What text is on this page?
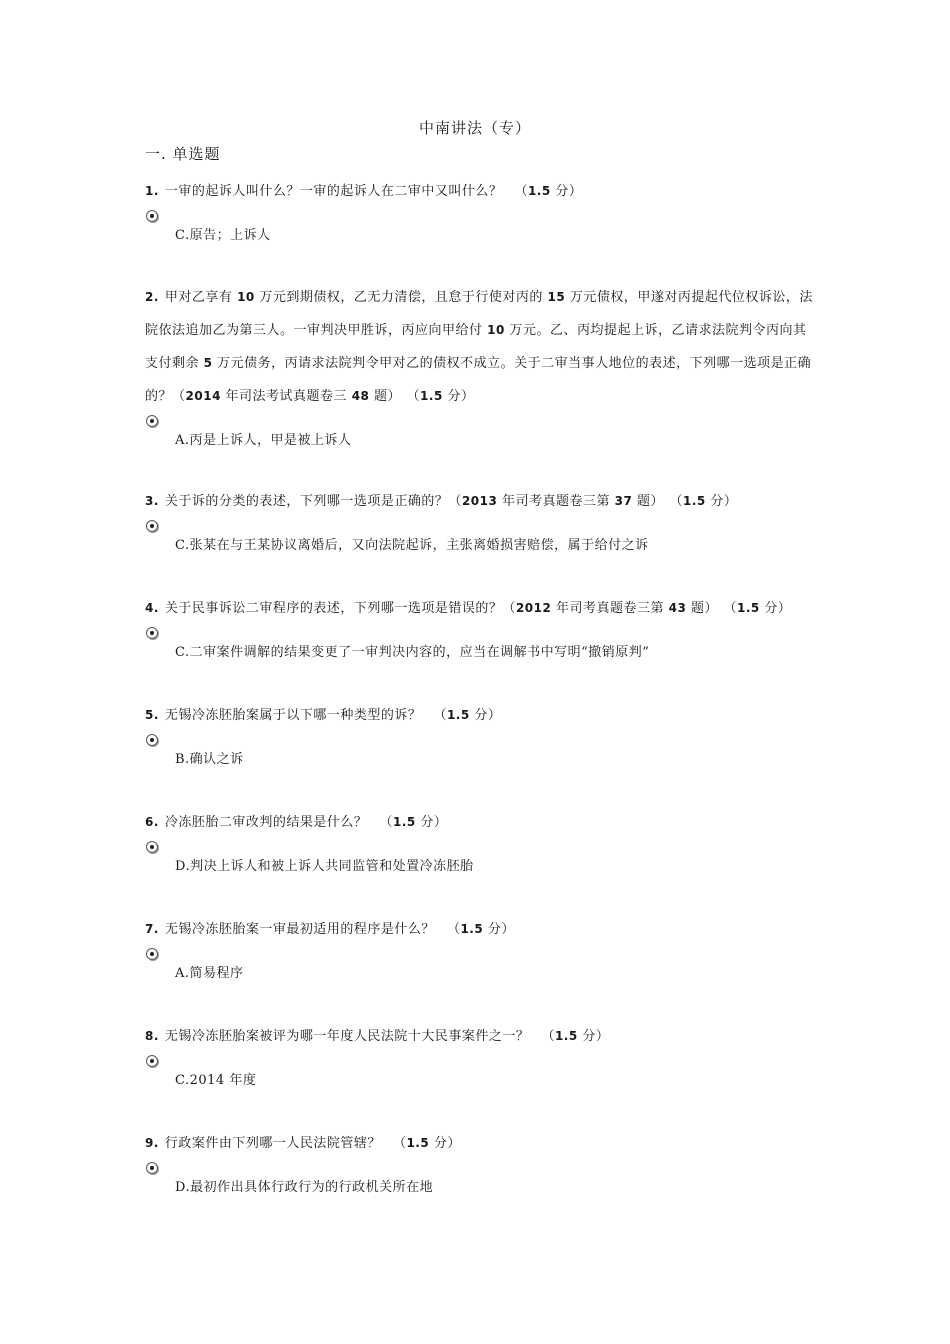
中南讲法（专）
一. 单选题
1. 一审的起诉人叫什么？一审的起诉人在二审中又叫什么？ （1.5 分）
C.原告；上诉人
2. 甲对乙享有 10 万元到期债权，乙无力清偿，且怠于行使对丙的 15 万元债权，甲遂对丙提起代位权诉讼，法院依法追加乙为第三人。一审判决甲胜诉，丙应向甲给付 10 万元。乙、丙均提起上诉，乙请求法院判令丙向其支付剩余 5 万元债务，丙请求法院判令甲对乙的债权不成立。关于二审当事人地位的表述，下列哪一选项是正确的？（2014 年司法考试真题卷三 48 题） （1.5 分）
A.丙是上诉人，甲是被上诉人
3. 关于诉的分类的表述，下列哪一选项是正确的？（2013 年司考真题卷三第 37 题） （1.5 分）
C.张某在与王某协议离婚后，又向法院起诉，主张离婚损害赔偿，属于给付之诉
4. 关于民事诉讼二审程序的表述，下列哪一选项是错误的？（2012 年司考真题卷三第 43 题） （1.5 分）
C.二审案件调解的结果变更了一审判决内容的，应当在调解书中写明“撤销原判”
5. 无锡冷冻胚胎案属于以下哪一种类型的诉？ （1.5 分）
B.确认之诉
6. 冷冻胚胎二审改判的结果是什么？ （1.5 分）
D.判决上诉人和被上诉人共同监管和处置冷冻胚胎
7. 无锡冷冻胚胎案一审最初适用的程序是什么？ （1.5 分）
A.简易程序
8. 无锡冷冻胚胎案被评为哪一年度人民法院十大民事案件之一？ （1.5 分）
C.2014 年度
9. 行政案件由下列哪一人民法院管辖？ （1.5 分）
D.最初作出具体行政行为的行政机关所在地
